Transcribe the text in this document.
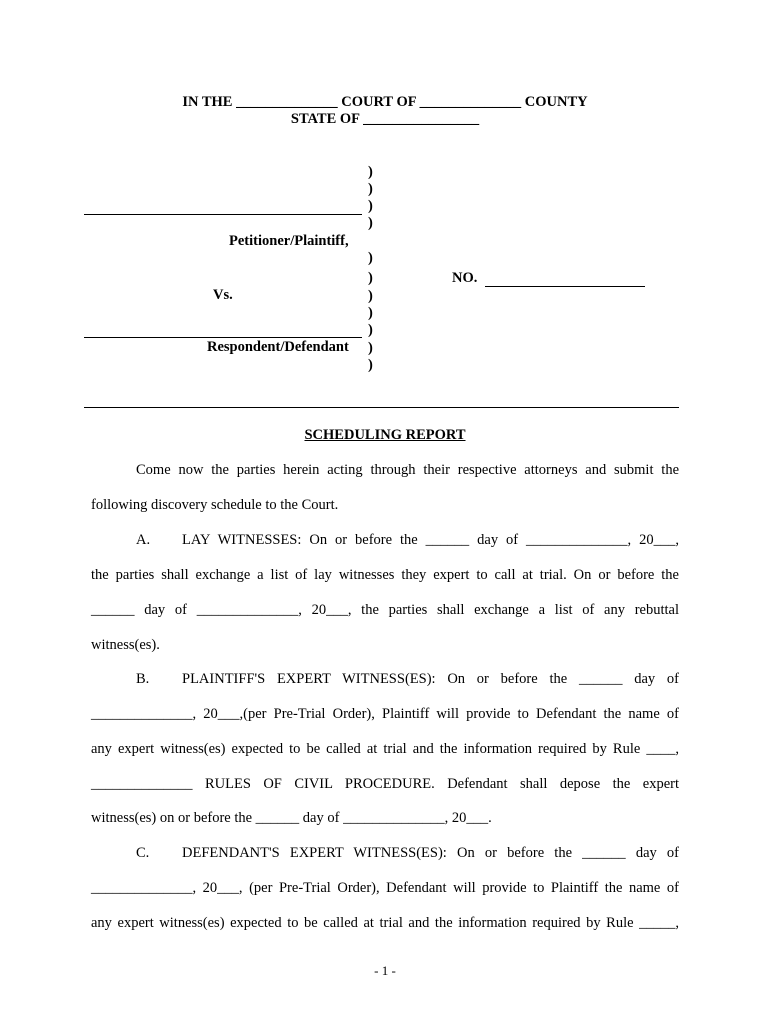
IN THE ______________ COURT OF ______________ COUNTY
STATE OF ________________
)
)
)
)
)
)
)
)
)
)
)
Petitioner/Plaintiff,
Vs.
Respondent/Defendant
NO.
SCHEDULING REPORT
Come now the parties herein acting through their respective attorneys and submit the
following discovery schedule to the Court.
A.	LAY WITNESSES: On or before the ______ day of ______________, 20___,
the parties shall exchange a list of lay witnesses they expert to call at trial. On or before the
______ day of ______________, 20___, the parties shall exchange a list of any rebuttal
witness(es).
B.	PLAINTIFF'S EXPERT WITNESS(ES): On or before the ______ day of
______________, 20___,(per Pre-Trial Order), Plaintiff will provide to Defendant the name of
any expert witness(es) expected to be called at trial and the information required by Rule ____,
______________ RULES OF CIVIL PROCEDURE. Defendant shall depose the expert
witness(es) on or before the ______ day of ______________, 20___.
C.	DEFENDANT'S EXPERT WITNESS(ES): On or before the ______ day of
______________, 20___, (per Pre-Trial Order), Defendant will provide to Plaintiff the name of
any expert witness(es) expected to be called at trial and the information required by Rule _____,
- 1 -
